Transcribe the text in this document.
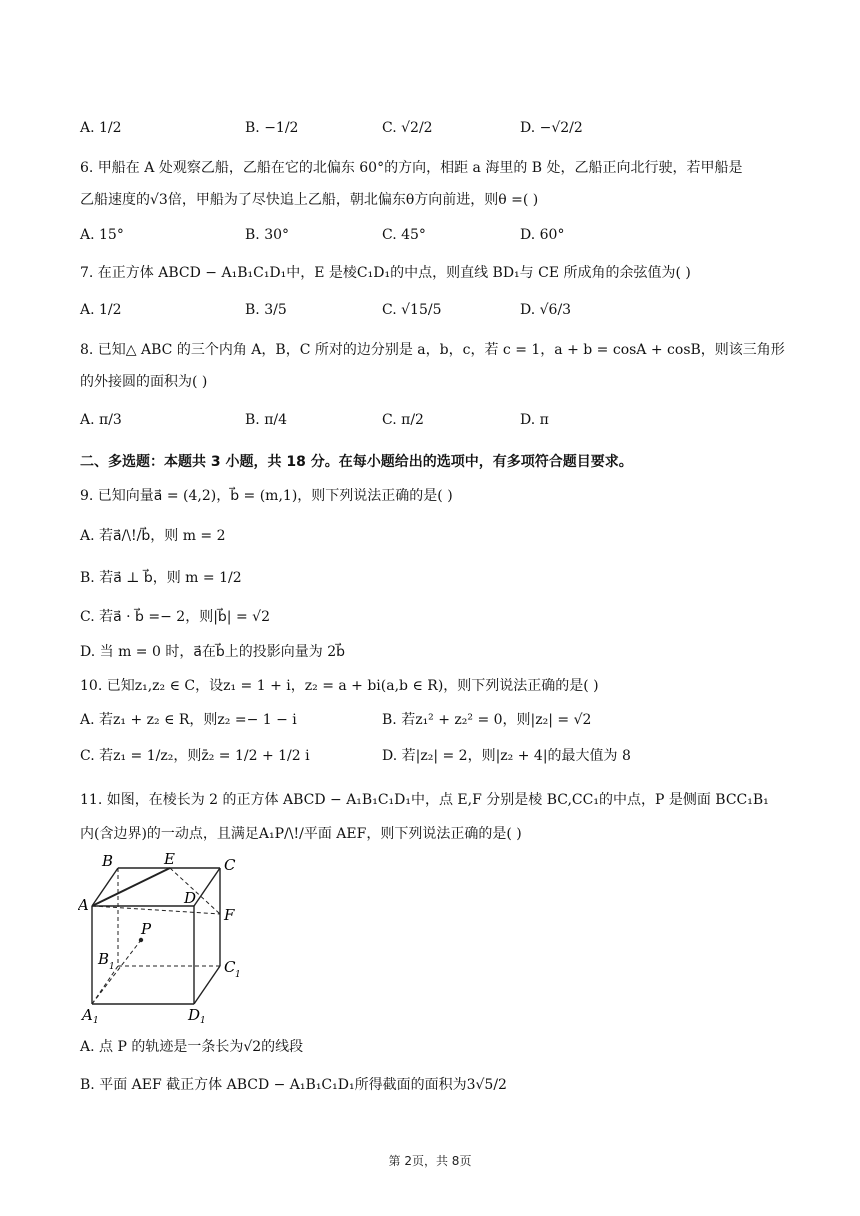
A. 1/2	B. −1/2	C. √2/2	D. −√2/2
6. 甲船在 A 处观察乙船，乙船在它的北偏东 60°的方向，相距 a 海里的 B 处，乙船正向北行驶，若甲船是
乙船速度的√3倍，甲船为了尽快追上乙船，朝北偏东θ方向前进，则θ =( )
A. 15°	B. 30°	C. 45°	D. 60°
7. 在正方体 ABCD − A₁B₁C₁D₁中，E 是棱C₁D₁的中点，则直线 BD₁与 CE 所成角的余弦值为( )
A. 1/2	B. 3/5	C. √15/5	D. √6/3
8. 已知△ ABC 的三个内角 A，B，C 所对的边分别是 a，b，c，若 c = 1，a + b = cosA + cosB，则该三角形
的外接圆的面积为( )
A. π/3	B. π/4	C. π/2	D. π
二、多选题：本题共 3 小题，共 18 分。在每小题给出的选项中，有多项符合题目要求。
9. 已知向量a⃗ = (4,2)，b⃗ = (m,1)，则下列说法正确的是( )
A. 若a⃗/\!/b⃗，则 m = 2
B. 若a⃗ ⊥ b⃗，则 m = 1/2
C. 若a⃗ · b⃗ =− 2，则|b⃗| = √2
D. 当 m = 0 时，a⃗在b⃗上的投影向量为 2b⃗
10. 已知z₁,z₂ ∈ C，设z₁ = 1 + i，z₂ = a + bi(a,b ∈ R)，则下列说法正确的是( )
A. 若z₁ + z₂ ∈ R，则z₂ =− 1 − i	B. 若z₁² + z₂² = 0，则|z₂| = √2
C. 若z₁ = 1/z₂，则z̄₂ = 1/2 + 1/2 i	D. 若|z₂| = 2，则|z₂ + 4|的最大值为 8
11. 如图，在棱长为 2 的正方体 ABCD − A₁B₁C₁D₁中，点 E,F 分别是棱 BC,CC₁的中点，P 是侧面 BCC₁B₁
内(含边界)的一动点，且满足A₁P/\!/平面 AEF，则下列说法正确的是( )
B	E	C
D
A
F
P
B 1	C 1
A 1	D 1
A. 点 P 的轨迹是一条长为√2的线段
B. 平面 AEF 截正方体 ABCD − A₁B₁C₁D₁所得截面的面积为3√5/2
第 2页，共 8页
